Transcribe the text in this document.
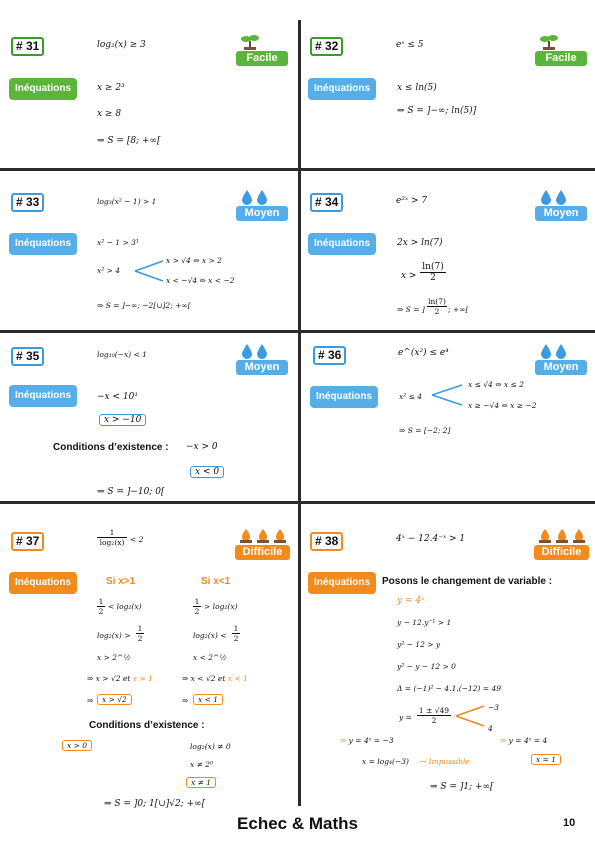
# 31	log₂(x) ≥ 3
Facile
Inéquations	x ≥ 2³
x ≥ 8
⇒ S = [8; +∞[
# 32	eˣ ≤ 5
Facile
Inéquations	x ≤ ln(5)
⇒ S = ]−∞; ln(5)]
# 33	log₃(x² − 1) > 1
Moyen
Inéquations	x² − 1 > 3¹
x² > 4
x > √4 ⇔ x > 2
x < −√4 ⇔ x < −2
⇒ S = ]−∞; −2[∪]2; +∞[
# 34	e²ˣ > 7
Moyen
Inéquations	2x > ln(7)
$x > \frac{\ln(7)}{2}$
⇒ S = ] $\frac{\ln(7)}{2}$ ; +∞[
# 35	log₁₀(−x) < 1
Moyen
Inéquations	−x < 10¹
x > −10
Conditions d’existence : −x > 0
x < 0
⇒ S = ]−10; 0[
# 36	e^(x²) ≤ e⁴
Moyen
Inéquations	x² ≤ 4
x ≤ √4 ⇔ x ≤ 2
x ≥ −√4 ⇔ x ≥ −2
⇒ S = [−2; 2]
# 37	$\frac{1}{\text{log₂(x)}} < 2$
Difficile
Inéquations	Si x>1	Si x<1
$\frac{1}{2} < \log_2(x)$
$\log_2(x) > \frac{1}{2}$
x > 2^½
⇒ x > √2 et x > 1
⇒	x > √2
$\frac{1}{2} > \log_2(x)$
$\log_2(x) < \frac{1}{2}$
x < 2^½
⇒ x < √2 et x < 1
⇒	x < 1
Conditions d’existence :
x > 0	log₂(x) ≠ 0
x ≠ 2⁰
x ≠ 1
⇒ S = ]0; 1[∪]√2; +∞[
# 38	4ˣ − 12.4⁻ˣ > 1
Difficile
Inéquations	Posons le changement de variable :
y = 4ˣ
y − 12.y⁻¹ > 1
y² − 12 > y
y² − y − 12 > 0
Δ = (−1)² − 4.1.(−12) = 49
$y = \frac{1 \pm √49}{2}$	−3
4
⇒ y = 4ˣ = −3	⇒ y = 4ˣ = 4
x = log₄(−3) → Impossible	x = 1
⇒ S = ]1; +∞[
Echec & Maths	10
